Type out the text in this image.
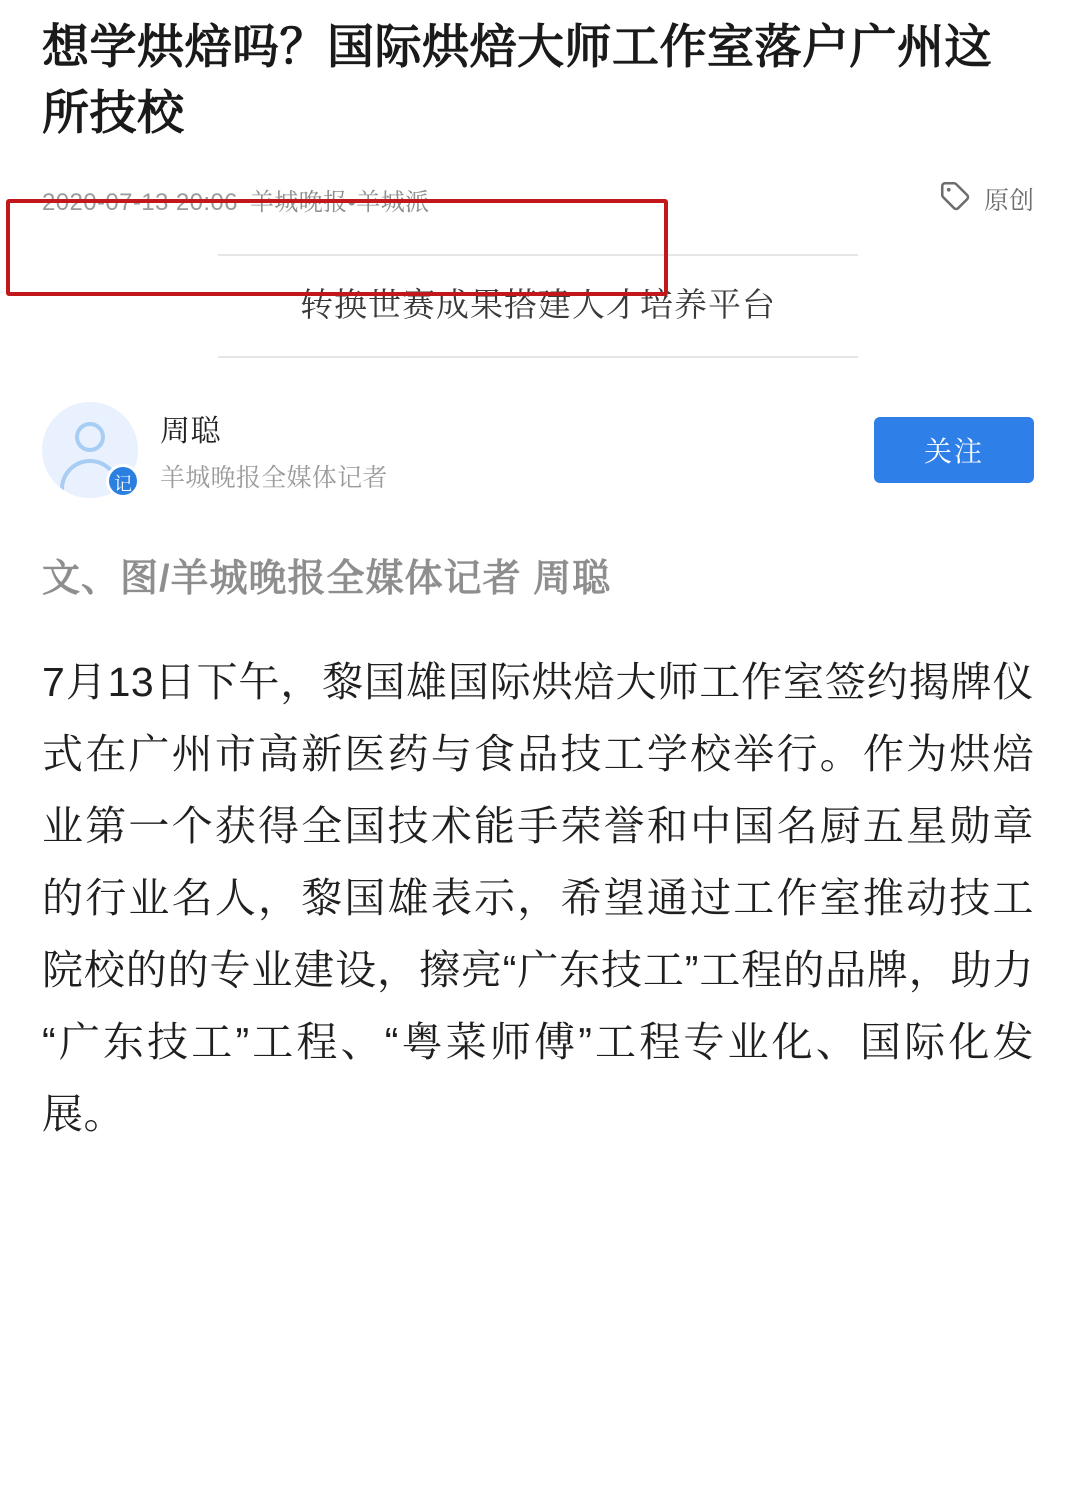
想学烘焙吗？国际烘焙大师工作室落户广州这所技校
2020-07-13 20:06 羊城晚报•羊城派	原创
转换世赛成果搭建人才培养平台
记
周聪
羊城晚报全媒体记者
关注
文、图/羊城晚报全媒体记者 周聪
7月13日下午，黎国雄国际烘焙大师工作室签约揭牌仪式在广州市高新医药与食品技工学校举行。作为烘焙业第一个获得全国技术能手荣誉和中国名厨五星勋章的行业名人，黎国雄表示，希望通过工作室推动技工院校的的专业建设，擦亮“广东技工”工程的品牌，助力“广东技工”工程、“粤菜师傅”工程专业化、国际化发展。
